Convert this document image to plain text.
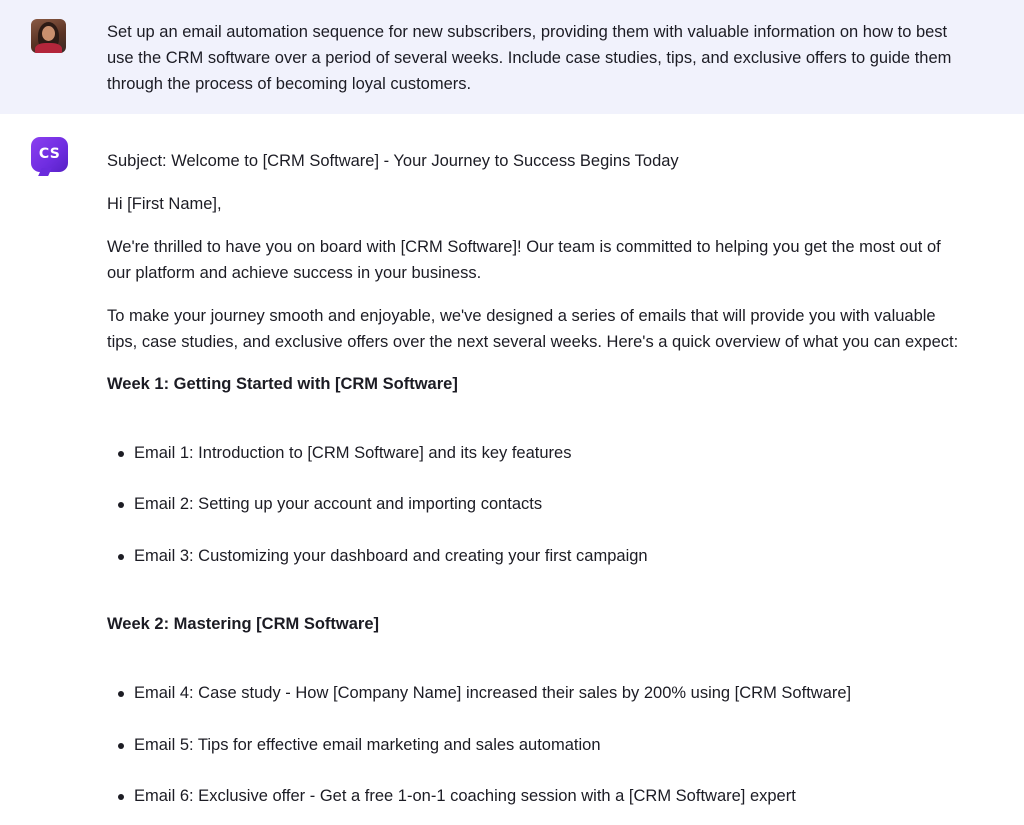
Set up an email automation sequence for new subscribers, providing them with valuable information on how to best
use the CRM software over a period of several weeks. Include case studies, tips, and exclusive offers to guide them
through the process of becoming loyal customers.
CS	Subject: Welcome to [CRM Software] - Your Journey to Success Begins Today
Hi [First Name],
We're thrilled to have you on board with [CRM Software]! Our team is committed to helping you get the most out of
our platform and achieve success in your business.
To make your journey smooth and enjoyable, we've designed a series of emails that will provide you with valuable
tips, case studies, and exclusive offers over the next several weeks. Here's a quick overview of what you can expect:
Week 1: Getting Started with [CRM Software]
Email 1: Introduction to [CRM Software] and its key features
Email 2: Setting up your account and importing contacts
Email 3: Customizing your dashboard and creating your first campaign
Week 2: Mastering [CRM Software]
Email 4: Case study - How [Company Name] increased their sales by 200% using [CRM Software]
Email 5: Tips for effective email marketing and sales automation
Email 6: Exclusive offer - Get a free 1-on-1 coaching session with a [CRM Software] expert
